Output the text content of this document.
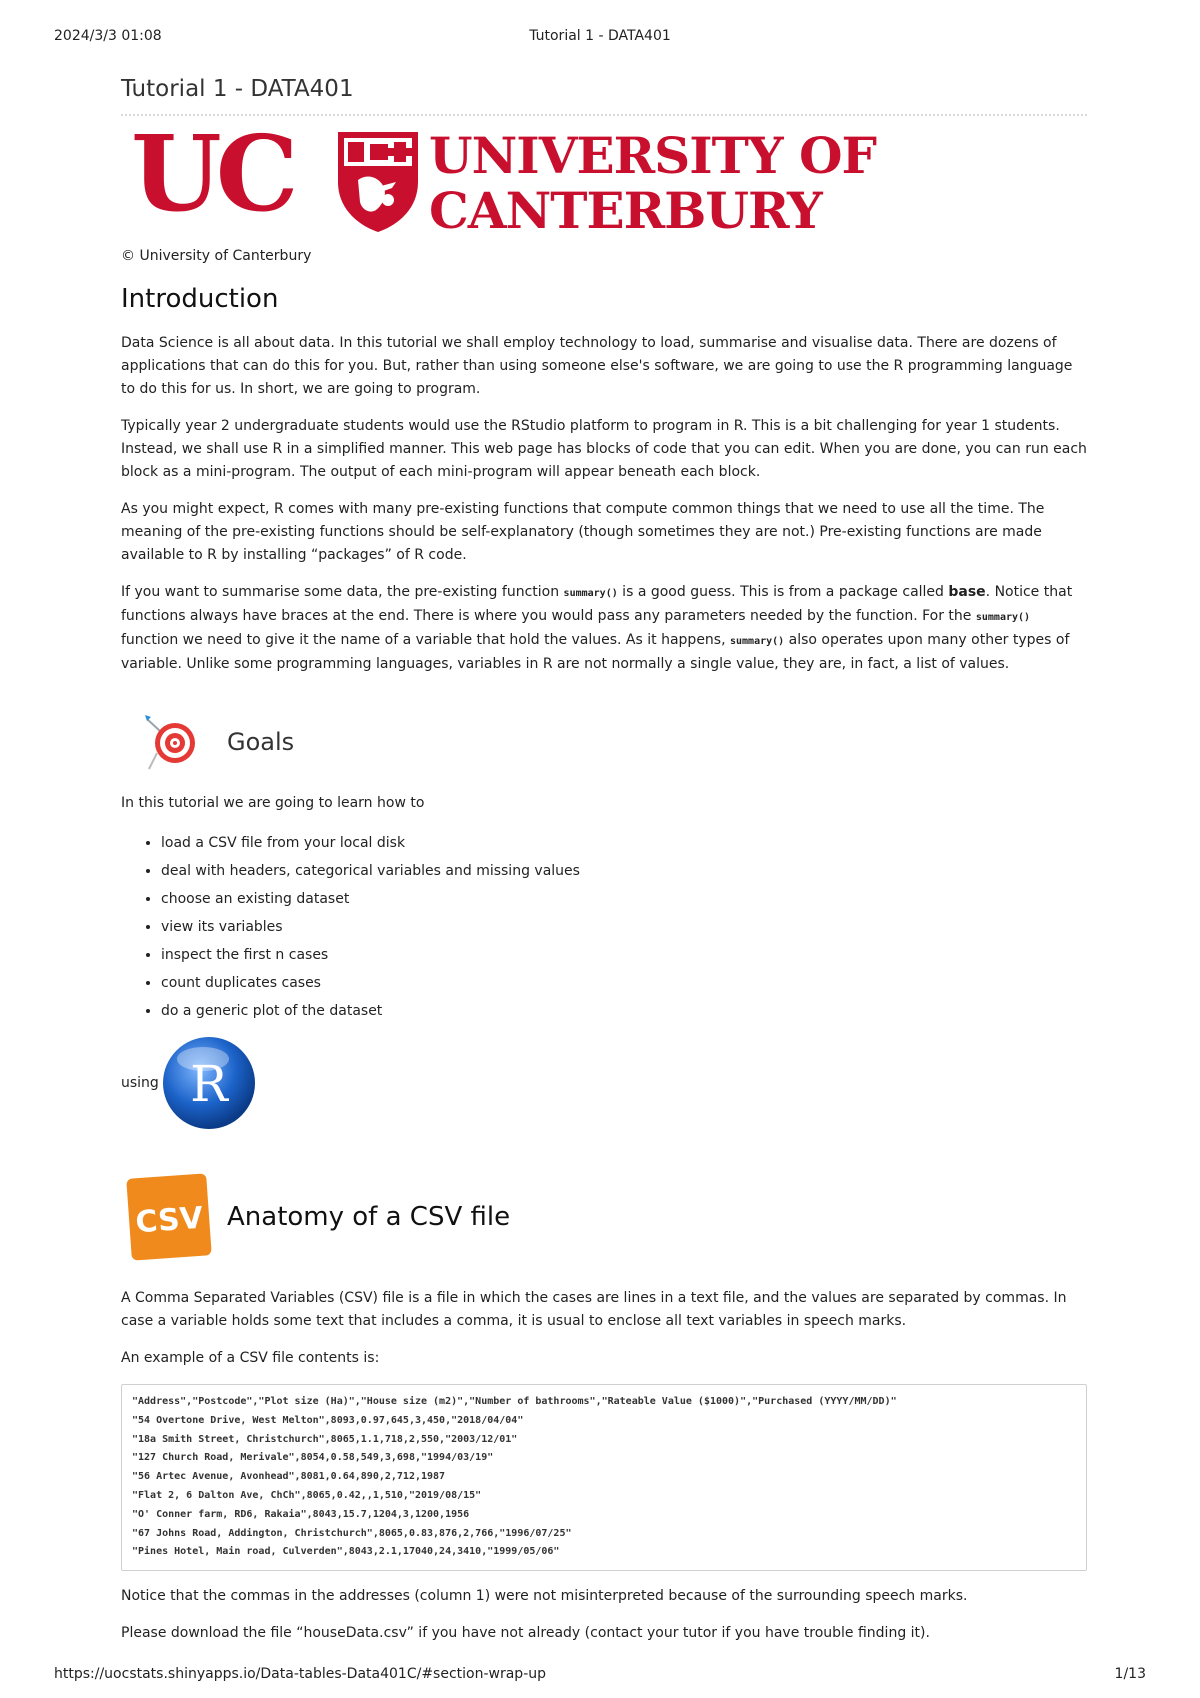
2024/3/3 01:08	Tutorial 1 - DATA401
Tutorial 1 - DATA401
UC	UNIVERSITY OF
CANTERBURY
© University of Canterbury
Introduction

Data Science is all about data. In this tutorial we shall employ technology to load, summarise and visualise data. There are dozens of applications that can do this for you. But, rather than using someone else's software, we are going to use the R programming language to do this for us. In short, we are going to program.

Typically year 2 undergraduate students would use the RStudio platform to program in R. This is a bit challenging for year 1 students. Instead, we shall use R in a simplified manner. This web page has blocks of code that you can edit. When you are done, you can run each block as a mini-program. The output of each mini-program will appear beneath each block.

As you might expect, R comes with many pre-existing functions that compute common things that we need to use all the time. The meaning of the pre-existing functions should be self-explanatory (though sometimes they are not.) Pre-existing functions are made available to R by installing “packages” of R code.

If you want to summarise some data, the pre-existing function summary() is a good guess. This is from a package called base. Notice that functions always have braces at the end. There is where you would pass any parameters needed by the function. For the summary() function we need to give it the name of a variable that hold the values. As it happens, summary() also operates upon many other types of variable. Unlike some programming languages, variables in R are not normally a single value, they are, in fact, a list of values.

Goals

In this tutorial we are going to learn how to

• load a CSV file from your local disk
• deal with headers, categorical variables and missing values
• choose an existing dataset
• view its variables
• inspect the first n cases
• count duplicates cases
• do a generic plot of the dataset
using R
CSV Anatomy of a CSV file

A Comma Separated Variables (CSV) file is a file in which the cases are lines in a text file, and the values are separated by commas. In case a variable holds some text that includes a comma, it is usual to enclose all text variables in speech marks.

An example of a CSV file contents is:

"Address","Postcode","Plot size (Ha)","House size (m2)","Number of bathrooms","Rateable Value ($1000)","Purchased (YYYY/MM/DD)"
"54 Overtone Drive, West Melton",8093,0.97,645,3,450,"2018/04/04"
"18a Smith Street, Christchurch",8065,1.1,718,2,550,"2003/12/01"
"127 Church Road, Merivale",8054,0.58,549,3,698,"1994/03/19"
"56 Artec Avenue, Avonhead",8081,0.64,890,2,712,1987
"Flat 2, 6 Dalton Ave, ChCh",8065,0.42,,1,510,"2019/08/15"
"O' Conner farm, RD6, Rakaia",8043,15.7,1204,3,1200,1956
"67 Johns Road, Addington, Christchurch",8065,0.83,876,2,766,"1996/07/25"
"Pines Hotel, Main road, Culverden",8043,2.1,17040,24,3410,"1999/05/06"

Notice that the commas in the addresses (column 1) were not misinterpreted because of the surrounding speech marks.

Please download the file “houseData.csv” if you have not already (contact your tutor if you have trouble finding it).

https://uocstats.shinyapps.io/Data-tables-Data401C/#section-wrap-up	1/13
